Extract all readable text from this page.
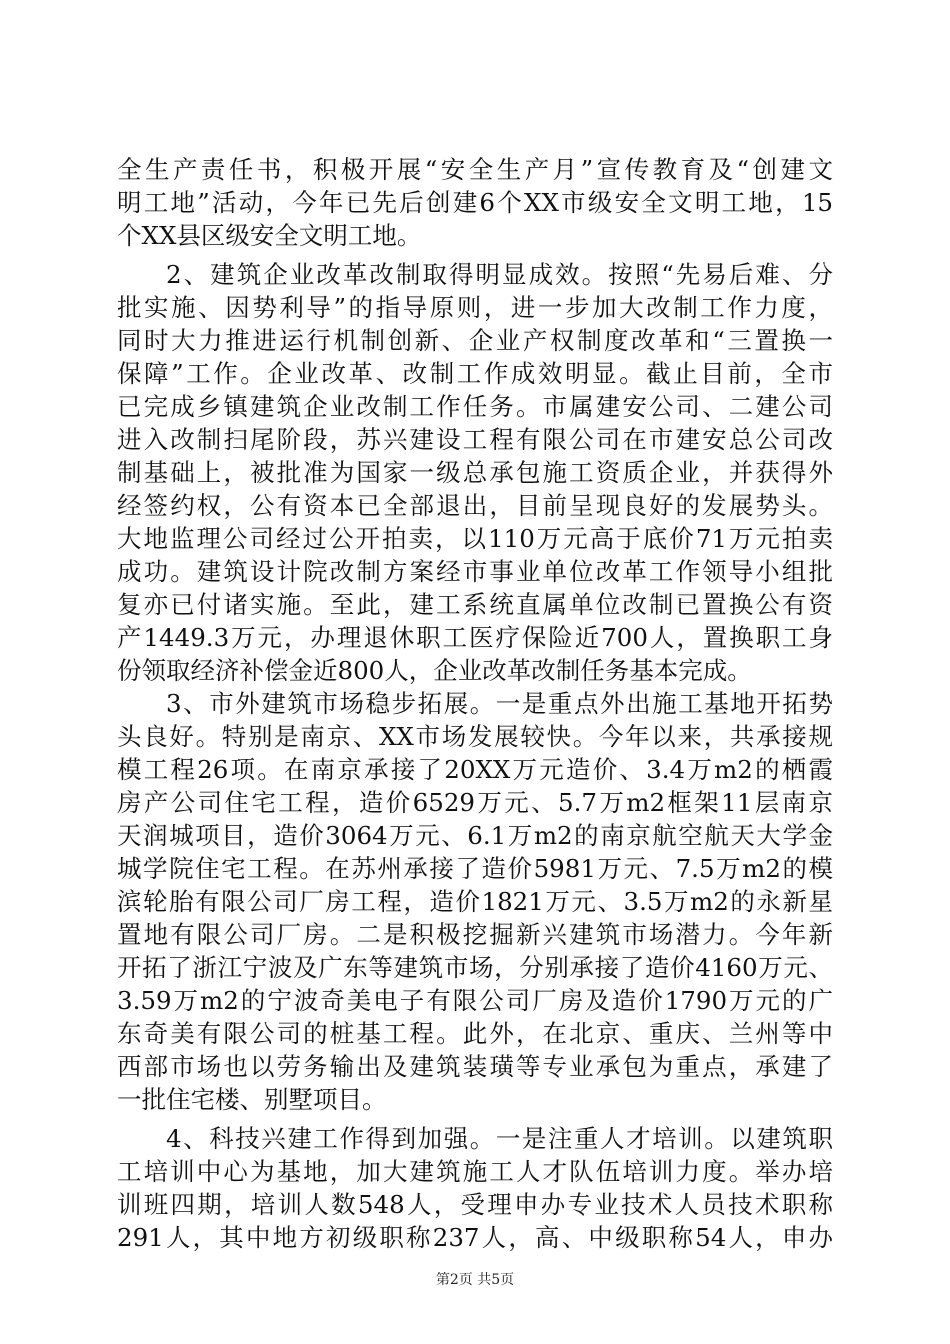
全生产责任书，积极开展“安全生产月”宣传教育及“创建文
明工地”活动，今年已先后创建6个XX市级安全文明工地，15
个XX县区级安全文明工地。
2、建筑企业改革改制取得明显成效。按照“先易后难、分
批实施、因势利导”的指导原则，进一步加大改制工作力度，
同时大力推进运行机制创新、企业产权制度改革和“三置换一
保障”工作。企业改革、改制工作成效明显。截止目前，全市
已完成乡镇建筑企业改制工作任务。市属建安公司、二建公司
进入改制扫尾阶段，苏兴建设工程有限公司在市建安总公司改
制基础上，被批准为国家一级总承包施工资质企业，并获得外
经签约权，公有资本已全部退出，目前呈现良好的发展势头。
大地监理公司经过公开拍卖，以110万元高于底价71万元拍卖
成功。建筑设计院改制方案经市事业单位改革工作领导小组批
复亦已付诸实施。至此，建工系统直属单位改制已置换公有资
产1449.3万元，办理退休职工医疗保险近700人，置换职工身
份领取经济补偿金近800人，企业改革改制任务基本完成。
3、市外建筑市场稳步拓展。一是重点外出施工基地开拓势
头良好。特别是南京、XX市场发展较快。今年以来，共承接规
模工程26项。在南京承接了20XX万元造价、3.4万m2的栖霞
房产公司住宅工程，造价6529万元、5.7万m2框架11层南京
天润城项目，造价3064万元、6.1万m2的南京航空航天大学金
城学院住宅工程。在苏州承接了造价5981万元、7.5万m2的模
滨轮胎有限公司厂房工程，造价1821万元、3.5万m2的永新星
置地有限公司厂房。二是积极挖掘新兴建筑市场潜力。今年新
开拓了浙江宁波及广东等建筑市场，分别承接了造价4160万元、
3.59万m2的宁波奇美电子有限公司厂房及造价1790万元的广
东奇美有限公司的桩基工程。此外，在北京、重庆、兰州等中
西部市场也以劳务输出及建筑装璜等专业承包为重点，承建了
一批住宅楼、别墅项目。
4、科技兴建工作得到加强。一是注重人才培训。以建筑职
工培训中心为基地，加大建筑施工人才队伍培训力度。举办培
训班四期，培训人数548人，受理申办专业技术人员技术职称
291人，其中地方初级职称237人，高、中级职称54人，申办
第2页 共5页
